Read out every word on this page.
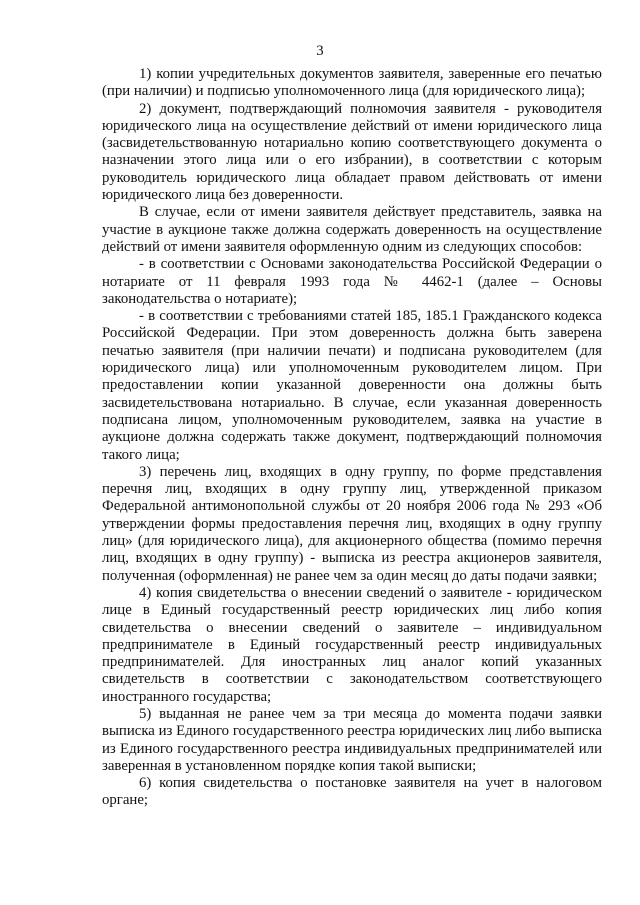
3

1) копии учредительных документов заявителя, заверенные его печатью (при наличии) и подписью уполномоченного лица (для юридического лица);

2) документ, подтверждающий полномочия заявителя - руководителя юридического лица на осуществление действий от имени юридического лица (засвидетельствованную нотариально копию соответствующего документа о назначении этого лица или о его избрании), в соответствии с которым руководитель юридического лица обладает правом действовать от имени юридического лица без доверенности.

В случае, если от имени заявителя действует представитель, заявка на участие в аукционе также должна содержать доверенность на осуществление действий от имени заявителя оформленную одним из следующих способов:

- в соответствии с Основами законодательства Российской Федерации о нотариате от 11 февраля 1993 года № 4462-1 (далее – Основы законодательства о нотариате);

- в соответствии с требованиями статей 185, 185.1 Гражданского кодекса Российской Федерации. При этом доверенность должна быть заверена печатью заявителя (при наличии печати) и подписана руководителем (для юридического лица) или уполномоченным руководителем лицом. При предоставлении копии указанной доверенности она должны быть засвидетельствована нотариально. В случае, если указанная доверенность подписана лицом, уполномоченным руководителем, заявка на участие в аукционе должна содержать также документ, подтверждающий полномочия такого лица;

3) перечень лиц, входящих в одну группу, по форме представления перечня лиц, входящих в одну группу лиц, утвержденной приказом Федеральной антимонопольной службы от 20 ноября 2006 года № 293 «Об утверждении формы предоставления перечня лиц, входящих в одну группу лиц» (для юридического лица), для акционерного общества (помимо перечня лиц, входящих в одну группу) - выписка из реестра акционеров заявителя, полученная (оформленная) не ранее чем за один месяц до даты подачи заявки;

4) копия свидетельства о внесении сведений о заявителе - юридическом лице в Единый государственный реестр юридических лиц либо копия свидетельства о внесении сведений о заявителе – индивидуальном предпринимателе в Единый государственный реестр индивидуальных предпринимателей. Для иностранных лиц аналог копий указанных свидетельств в соответствии с законодательством соответствующего иностранного государства;

5) выданная не ранее чем за три месяца до момента подачи заявки выписка из Единого государственного реестра юридических лиц либо выписка из Единого государственного реестра индивидуальных предпринимателей или заверенная в установленном порядке копия такой выписки;

6) копия свидетельства о постановке заявителя на учет в налоговом органе;
